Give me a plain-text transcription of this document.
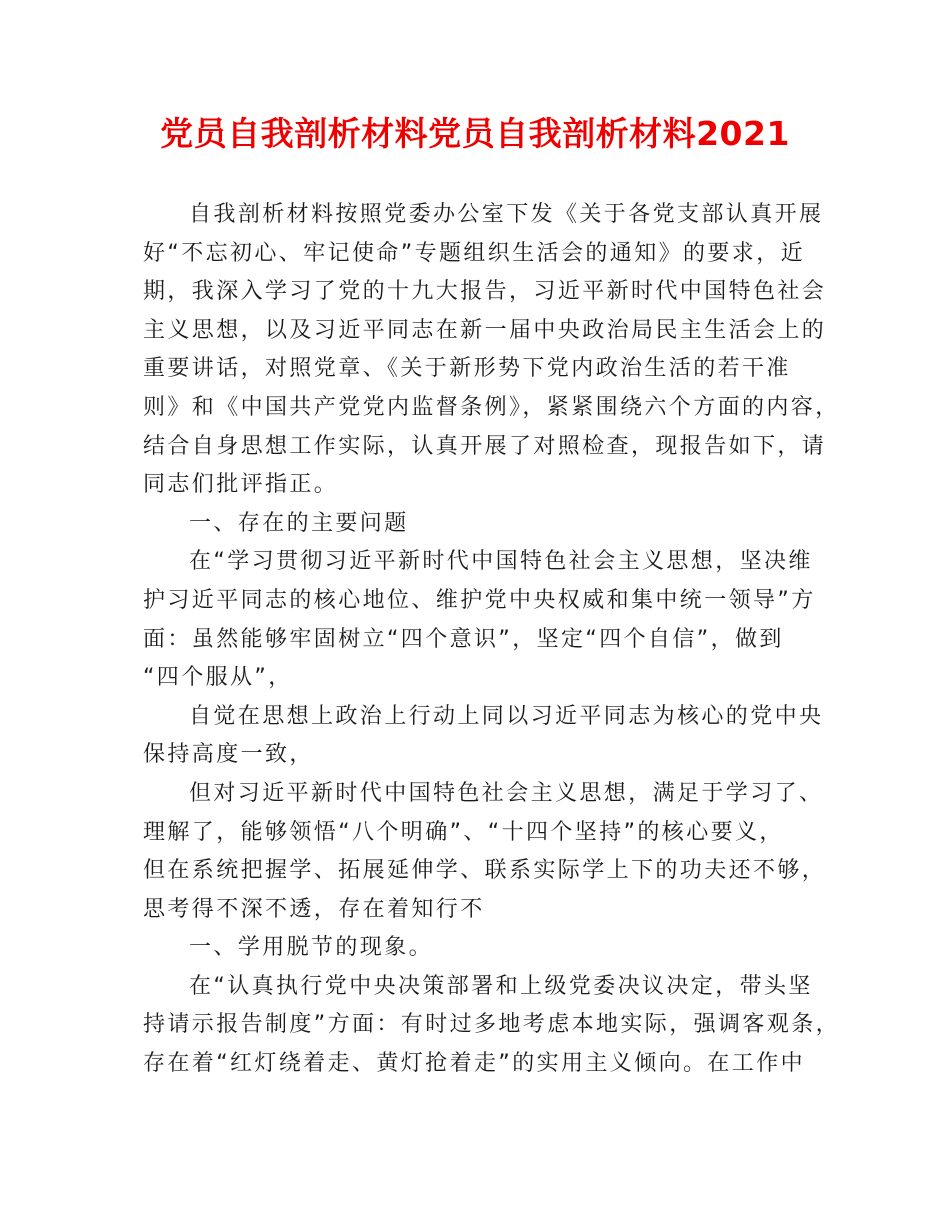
党员自我剖析材料党员自我剖析材料2021
自我剖析材料按照党委办公室下发《关于各党支部认真开展
好“不忘初心、牢记使命”专题组织生活会的通知》的要求，近
期，我深入学习了党的十九大报告，习近平新时代中国特色社会
主义思想，以及习近平同志在新一届中央政治局民主生活会上的
重要讲话，对照党章、《关于新形势下党内政治生活的若干准
则》和《中国共产党党内监督条例》，紧紧围绕六个方面的内容，
结合自身思想工作实际，认真开展了对照检查，现报告如下，请
同志们批评指正。
一、存在的主要问题
在“学习贯彻习近平新时代中国特色社会主义思想，坚决维
护习近平同志的核心地位、维护党中央权威和集中统一领导”方
面：虽然能够牢固树立“四个意识”，坚定“四个自信”，做到
“四个服从”，
自觉在思想上政治上行动上同以习近平同志为核心的党中央
保持高度一致，
但对习近平新时代中国特色社会主义思想，满足于学习了、
理解了，能够领悟“八个明确”、“十四个坚持”的核心要义，
但在系统把握学、拓展延伸学、联系实际学上下的功夫还不够，
思考得不深不透，存在着知行不
一、学用脱节的现象。
在“认真执行党中央决策部署和上级党委决议决定，带头坚
持请示报告制度”方面：有时过多地考虑本地实际，强调客观条，
存在着“红灯绕着走、黄灯抢着走”的实用主义倾向。在工作中
